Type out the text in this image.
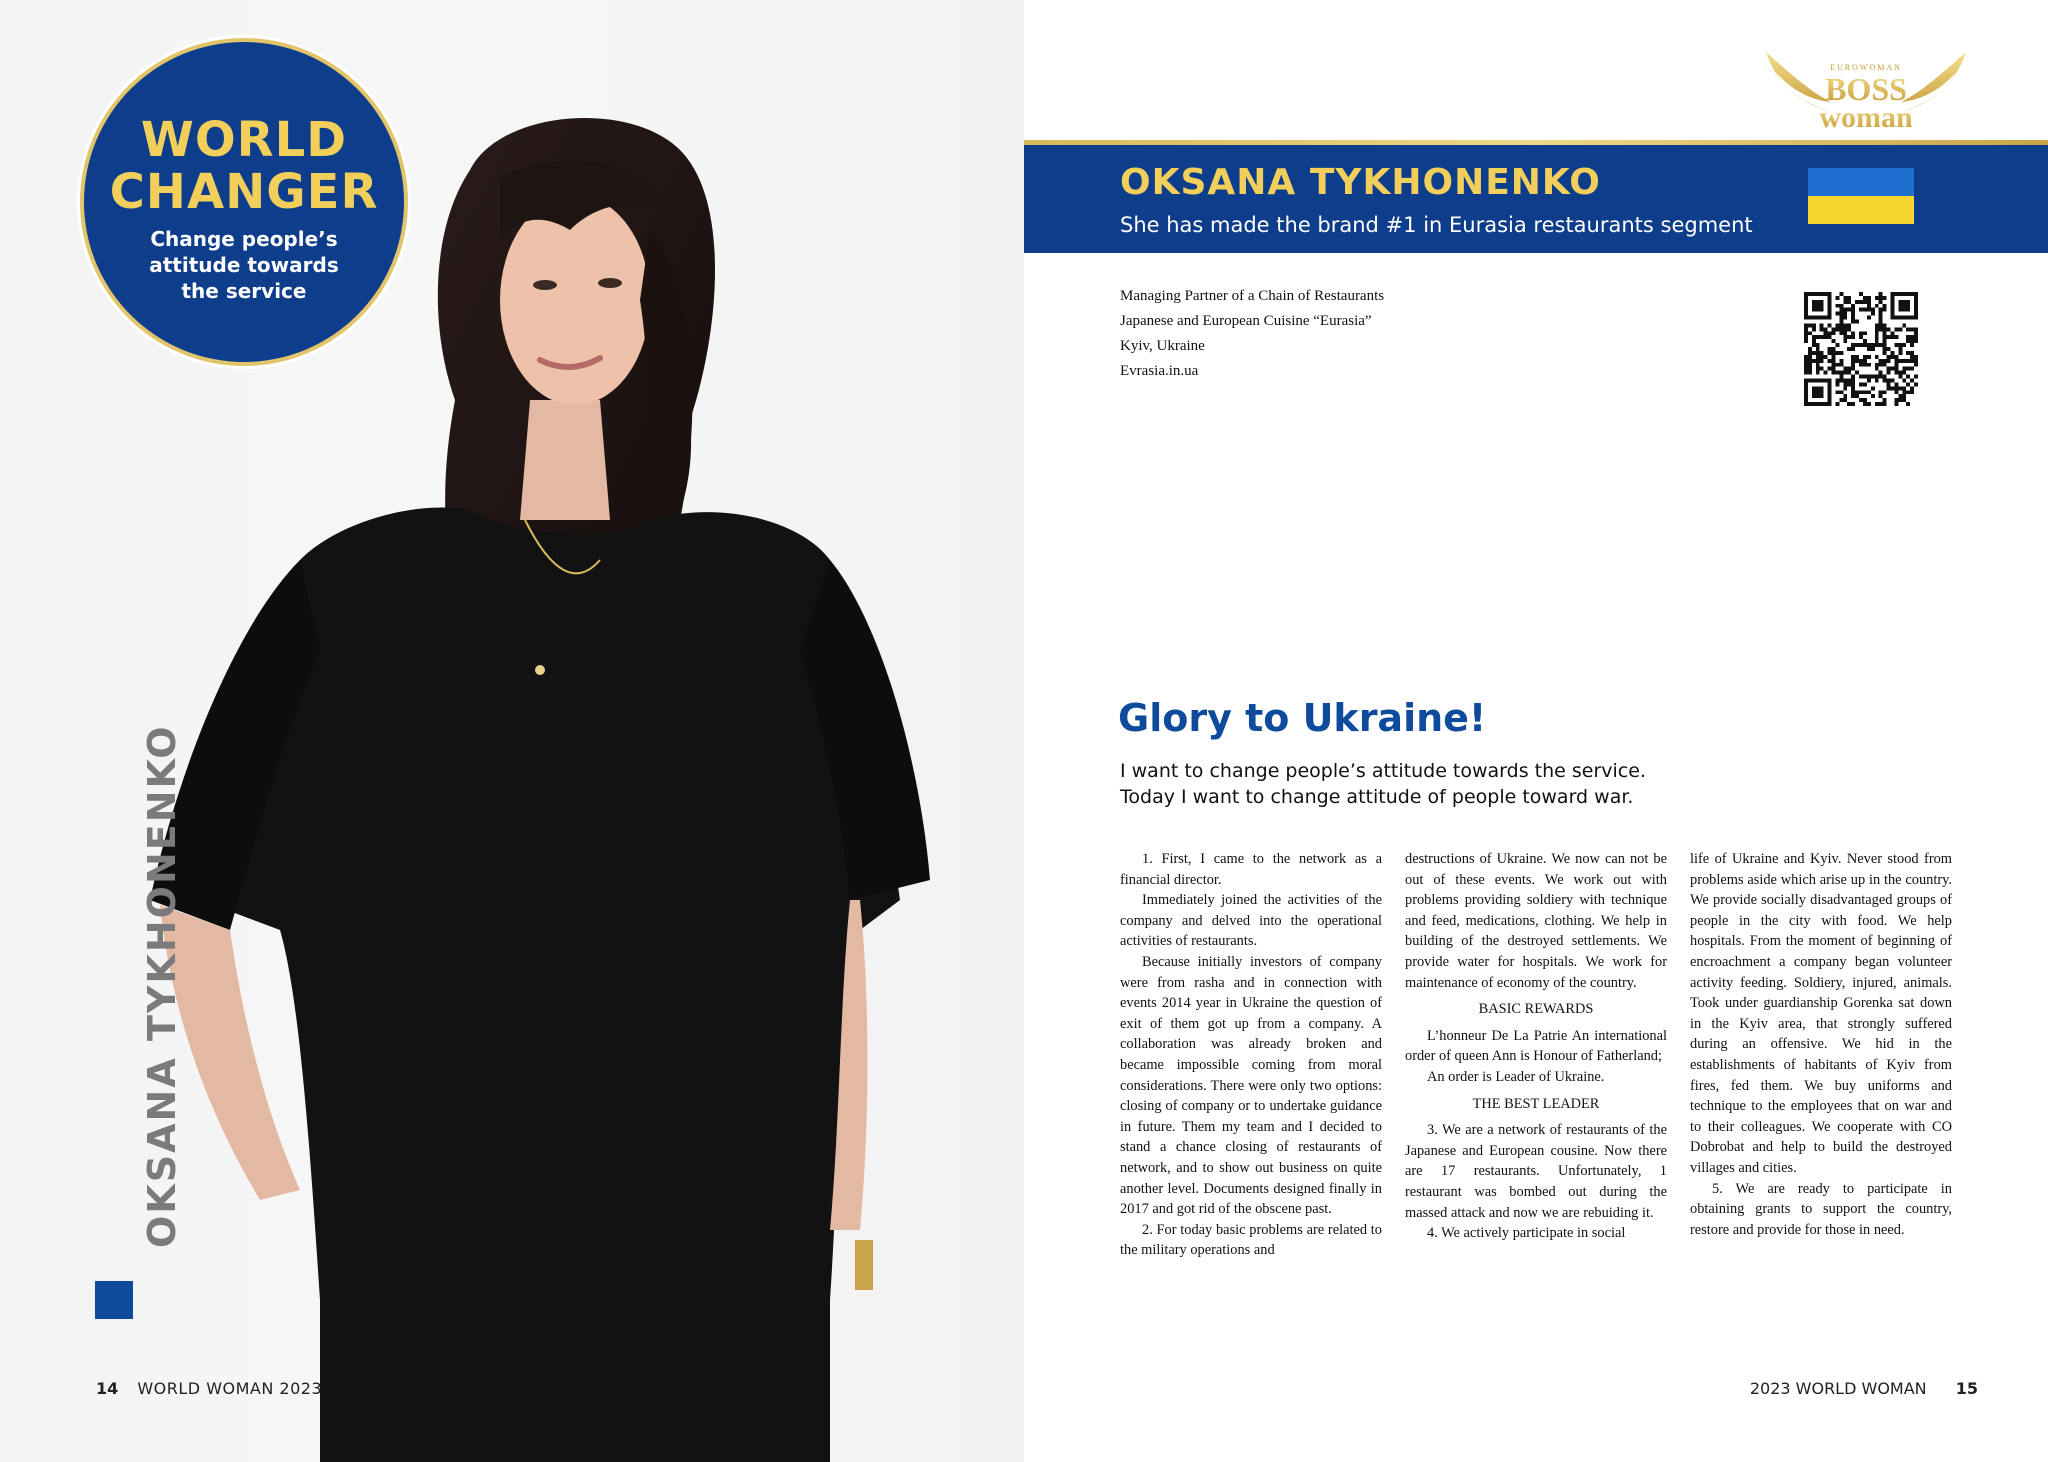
WORLD
CHANGER
Change people’s
attitude towards
the service
OKSANA TYKHONENKO
14 WORLD WOMAN 2023
EUROWOMAN
BOSS
woman
OKSANA TYKHONENKO
She has made the brand #1 in Eurasia restaurants segment
Managing Partner of a Chain of Restaurants
Japanese and European Cuisine “Eurasia”
Kyiv, Ukraine
Evrasia.in.ua
Glory to Ukraine!
I want to change people’s attitude towards the service.
Today I want to change attitude of people toward war.

1. First, I came to the network as a financial director.

Immediately joined the activities of the company and delved into the operational activities of restaurants.

Because initially investors of company were from rasha and in connection with events 2014 year in Ukraine the question of exit of them got up from a company. A collaboration was already broken and became impossible coming from moral considerations. There were only two options: closing of company or to undertake guidance in future. Them my team and I decided to stand a chance closing of restaurants of network, and to show out business on quite another level. Documents designed finally in 2017 and got rid of the obscene past.

2. For today basic problems are related to the military operations and

destructions of Ukraine. We now can not be out of these events. We work out with problems providing soldiery with technique and feed, medications, clothing. We help in building of the destroyed settlements. We provide water for hospitals. We work for maintenance of economy of the country.

BASIC REWARDS

L’honneur De La Patrie An international order of queen Ann is Honour of Fatherland;

An order is Leader of Ukraine.

THE BEST LEADER

3. We are a network of restaurants of the Japanese and European cousine. Now there are 17 restaurants. Unfortunately, 1 restaurant was bombed out during the massed attack and now we are rebuiding it.

4. We actively participate in social

life of Ukraine and Kyiv. Never stood from problems aside which arise up in the country. We provide socially disadvantaged groups of people in the city with food. We help hospitals. From the moment of beginning of encroachment a company began volunteer activity feeding. Soldiery, injured, animals. Took under guardianship Gorenka sat down in the Kyiv area, that strongly suffered during an offensive. We hid in the establishments of habitants of Kyiv from fires, fed them. We buy uniforms and technique to the employees that on war and to their colleagues. We cooperate with CO Dobrobat and help to build the destroyed villages and cities.

5. We are ready to participate in obtaining grants to support the country, restore and provide for those in need.

2023 WORLD WOMAN 15
